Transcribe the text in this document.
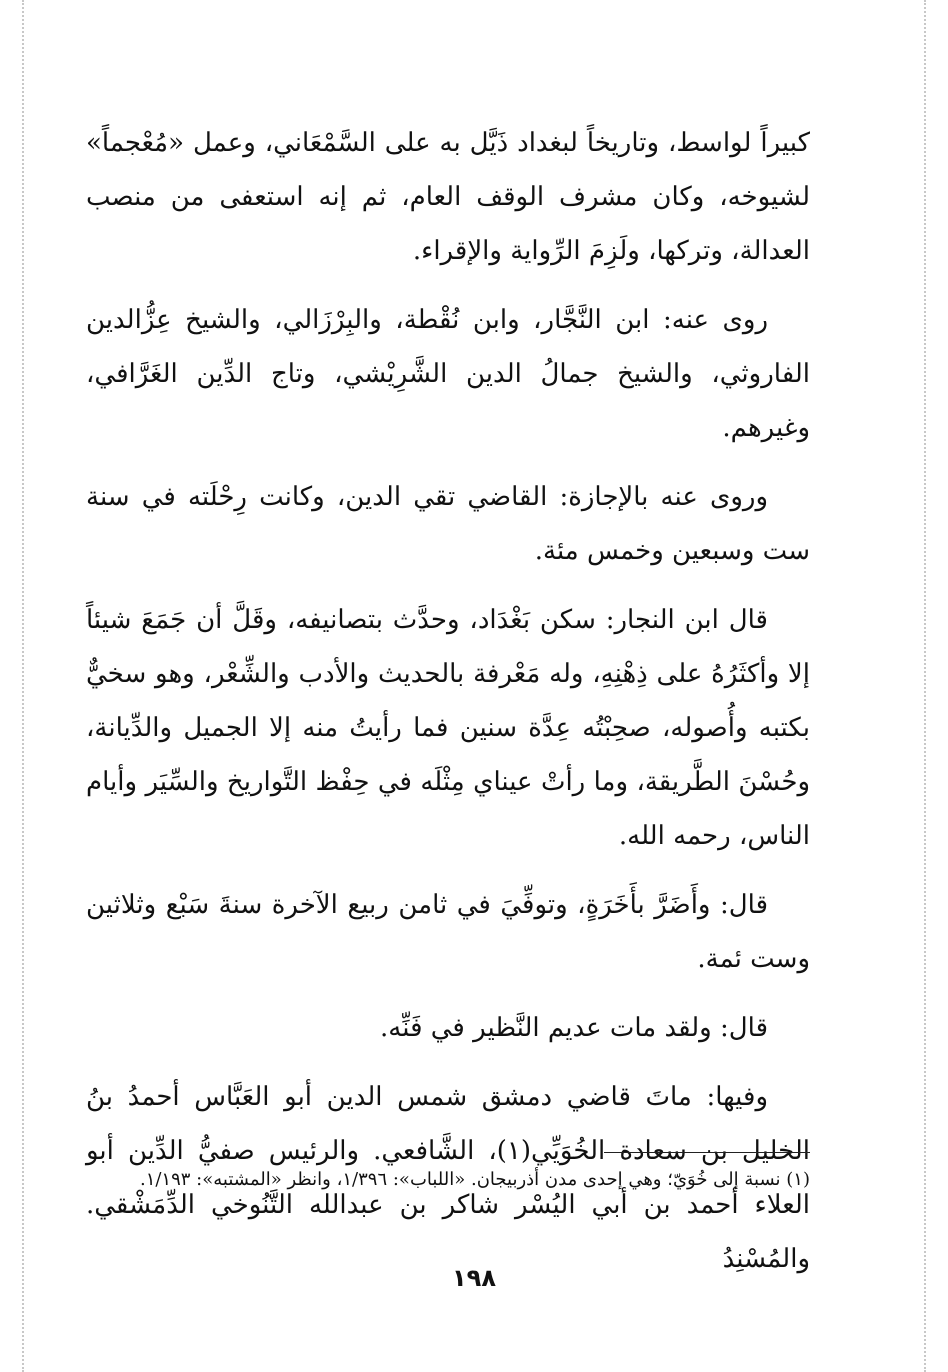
كبيراً لواسط، وتاريخاً لبغداد ذَيَّل به على السَّمْعَاني، وعمل «مُعْجماً» لشيوخه، وكان مشرف الوقف العام، ثم إنه استعفى من منصب العدالة، وتركها، ولَزِمَ الرِّواية والإقراء.

روى عنه: ابن النَّجَّار، وابن نُقْطة، والبِرْزَالي، والشيخ عِزُّالدين الفاروثي، والشيخ جمالُ الدين الشَّرِيْشي، وتاج الدِّين الغَرَّافي، وغيرهم.

وروى عنه بالإجازة: القاضي تقي الدين، وكانت رِحْلَته في سنة ست وسبعين وخمس مئة.

قال ابن النجار: سكن بَغْدَاد، وحدَّث بتصانيفه، وقَلَّ أن جَمَعَ شيئاً إلا وأكثَرُهُ على ذِهْنِهِ، وله مَعْرفة بالحديث والأدب والشِّعْر، وهو سخيٌّ بكتبه وأُصوله، صحِبْتُه عِدَّة سنين فما رأيتُ منه إلا الجميل والدِّيانة، وحُسْنَ الطَّريقة، وما رأتْ عيناي مِثْلَه في حِفْظ التَّواريخ والسِّيَر وأيام الناس، رحمه الله.

قال: وأَضَرَّ بأَخَرَةٍ، وتوفِّيَ في ثامن ربيع الآخرة سنةَ سَبْع وثلاثين وست ئمة.

قال: ولقد مات عديم النَّظير في فَنِّه.

وفيها: ماتَ قاضي دمشق شمس الدين أبو العَبَّاس أحمدُ بنُ الخليل بن سعادة الخُوَيِّي(١)، الشَّافعي. والرئيس صفيُّ الدِّين أبو العلاء أحمد بن أبي اليُسْر شاكر بن عبدالله التَّنُوخي الدِّمَشْقي. والمُسْنِدُ

(١) نسبة إلى خُوَيّ؛ وهي إحدى مدن أذربيجان. «اللباب»: ١/٣٩٦، وانظر «المشتبه»: ١/١٩٣.

١٩٨
